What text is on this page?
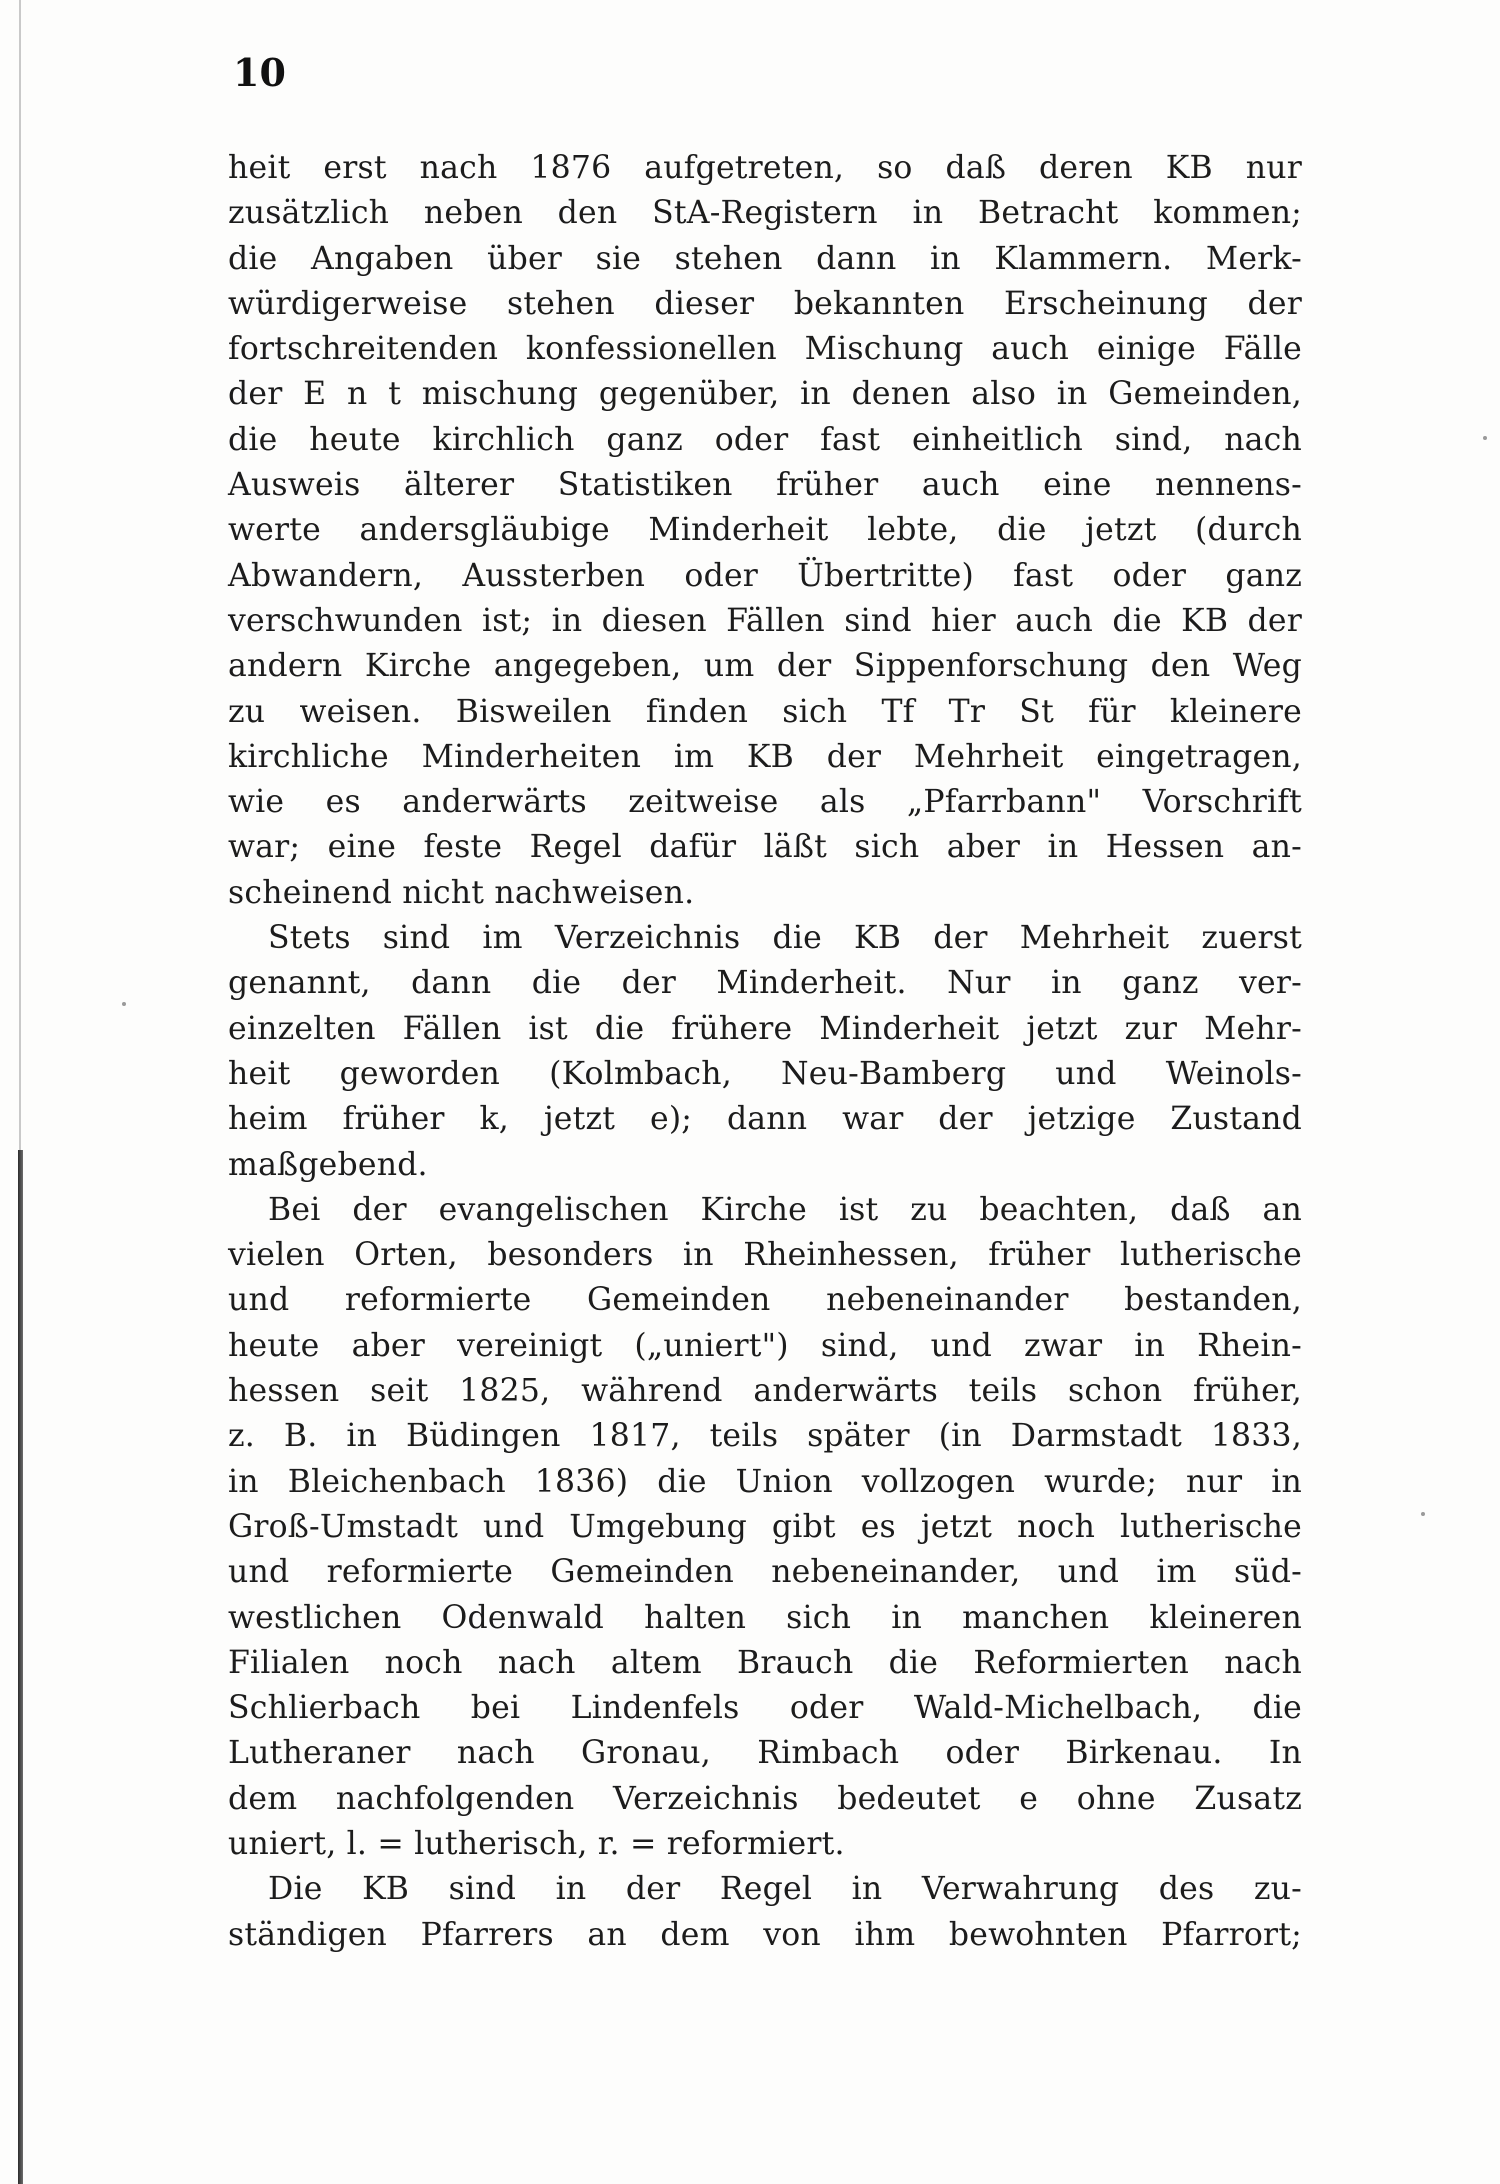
10
heit erst nach 1876 aufgetreten, so daß deren KB nur
zusätzlich neben den StA-Registern in Betracht kommen;
die Angaben über sie stehen dann in Klammern. Merk-
würdigerweise stehen dieser bekannten Erscheinung der
fortschreitenden konfessionellen Mischung auch einige Fälle
der E n t mischung gegenüber, in denen also in Gemeinden,
die heute kirchlich ganz oder fast einheitlich sind, nach
Ausweis älterer Statistiken früher auch eine nennens-
werte andersgläubige Minderheit lebte, die jetzt (durch
Abwandern, Aussterben oder Übertritte) fast oder ganz
verschwunden ist; in diesen Fällen sind hier auch die KB der
andern Kirche angegeben, um der Sippenforschung den Weg
zu weisen. Bisweilen finden sich Tf Tr St für kleinere
kirchliche Minderheiten im KB der Mehrheit eingetragen,
wie es anderwärts zeitweise als „Pfarrbann" Vorschrift
war; eine feste Regel dafür läßt sich aber in Hessen an-
scheinend nicht nachweisen.
Stets sind im Verzeichnis die KB der Mehrheit zuerst
genannt, dann die der Minderheit. Nur in ganz ver-
einzelten Fällen ist die frühere Minderheit jetzt zur Mehr-
heit geworden (Kolmbach, Neu-Bamberg und Weinols-
heim früher k, jetzt e); dann war der jetzige Zustand
maßgebend.
Bei der evangelischen Kirche ist zu beachten, daß an
vielen Orten, besonders in Rheinhessen, früher lutherische
und reformierte Gemeinden nebeneinander bestanden,
heute aber vereinigt („uniert") sind, und zwar in Rhein-
hessen seit 1825, während anderwärts teils schon früher,
z. B. in Büdingen 1817, teils später (in Darmstadt 1833,
in Bleichenbach 1836) die Union vollzogen wurde; nur in
Groß-Umstadt und Umgebung gibt es jetzt noch lutherische
und reformierte Gemeinden nebeneinander, und im süd-
westlichen Odenwald halten sich in manchen kleineren
Filialen noch nach altem Brauch die Reformierten nach
Schlierbach bei Lindenfels oder Wald-Michelbach, die
Lutheraner nach Gronau, Rimbach oder Birkenau. In
dem nachfolgenden Verzeichnis bedeutet e ohne Zusatz
uniert, l. = lutherisch, r. = reformiert.
Die KB sind in der Regel in Verwahrung des zu-
ständigen Pfarrers an dem von ihm bewohnten Pfarrort;
